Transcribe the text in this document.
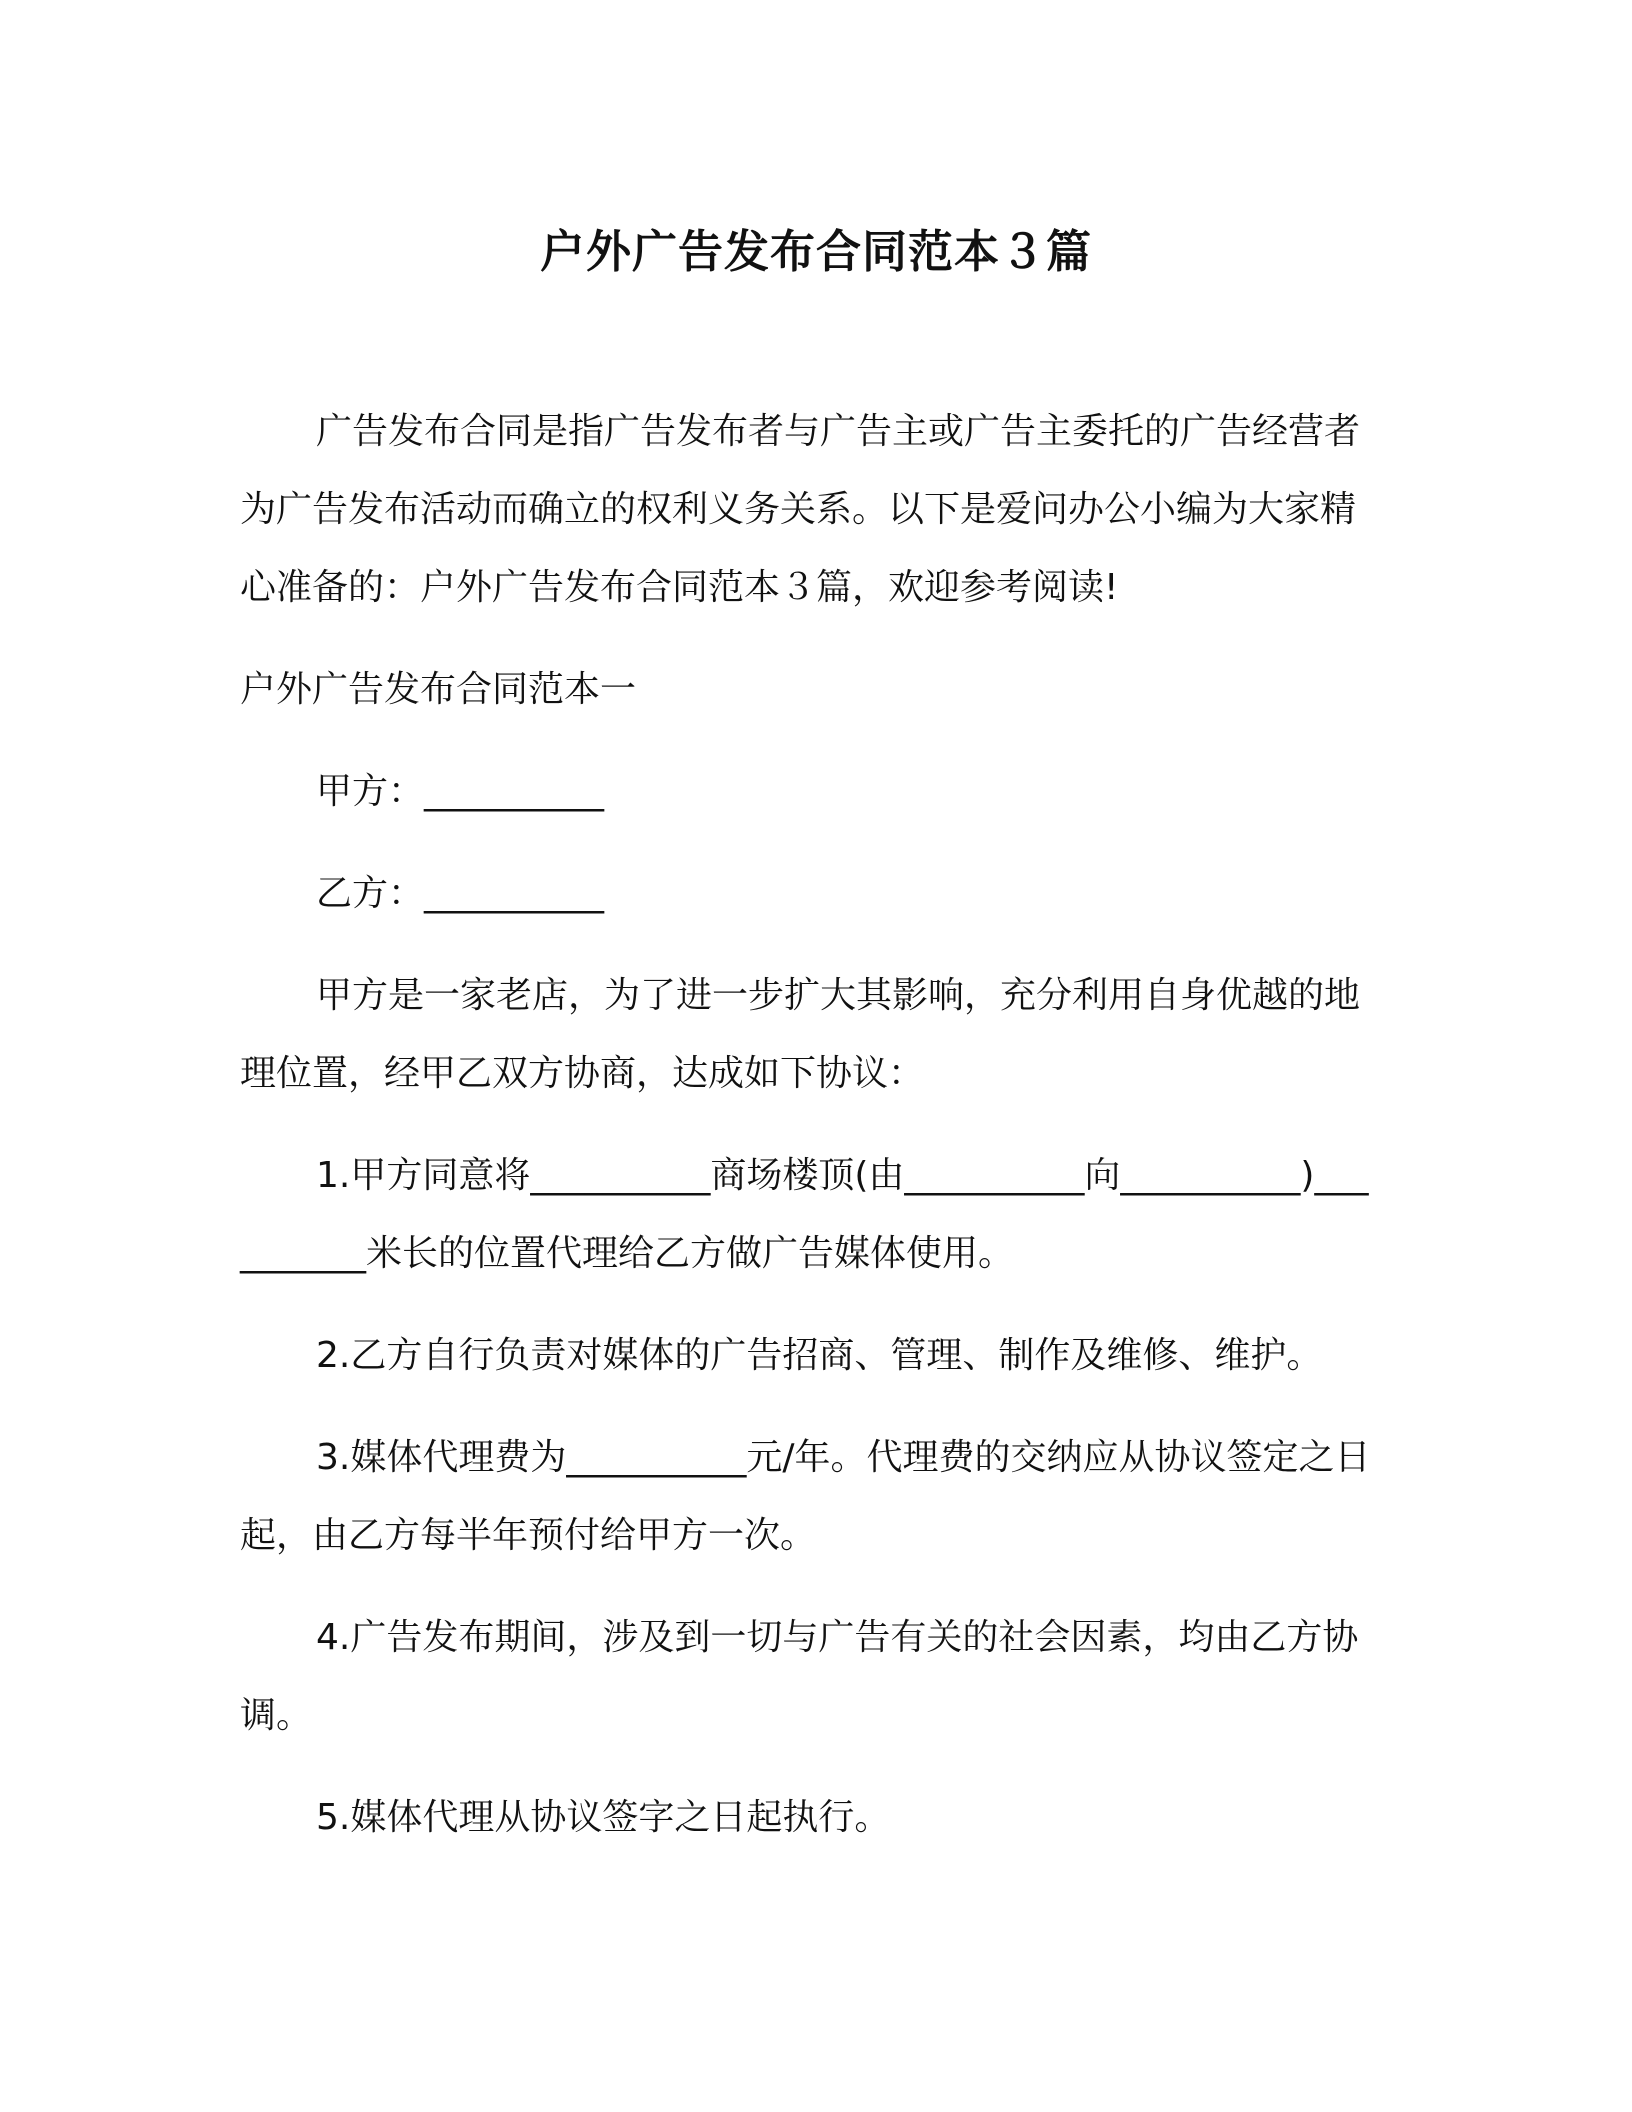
户外广告发布合同范本３篇

广告发布合同是指广告发布者与广告主或广告主委托的广告经营者为广告发布活动而确立的权利义务关系。以下是爱问办公小编为大家精心准备的：户外广告发布合同范本３篇，欢迎参考阅读!

户外广告发布合同范本一

甲方：__________

乙方：__________

甲方是一家老店，为了进一步扩大其影响，充分利用自身优越的地理位置，经甲乙双方协商，达成如下协议：

1.甲方同意将__________商场楼顶(由__________向__________)__________米长的位置代理给乙方做广告媒体使用。

2.乙方自行负责对媒体的广告招商、管理、制作及维修、维护。

3.媒体代理费为__________元/年。代理费的交纳应从协议签定之日起，由乙方每半年预付给甲方一次。

4.广告发布期间，涉及到一切与广告有关的社会因素，均由乙方协调。

5.媒体代理从协议签字之日起执行。
